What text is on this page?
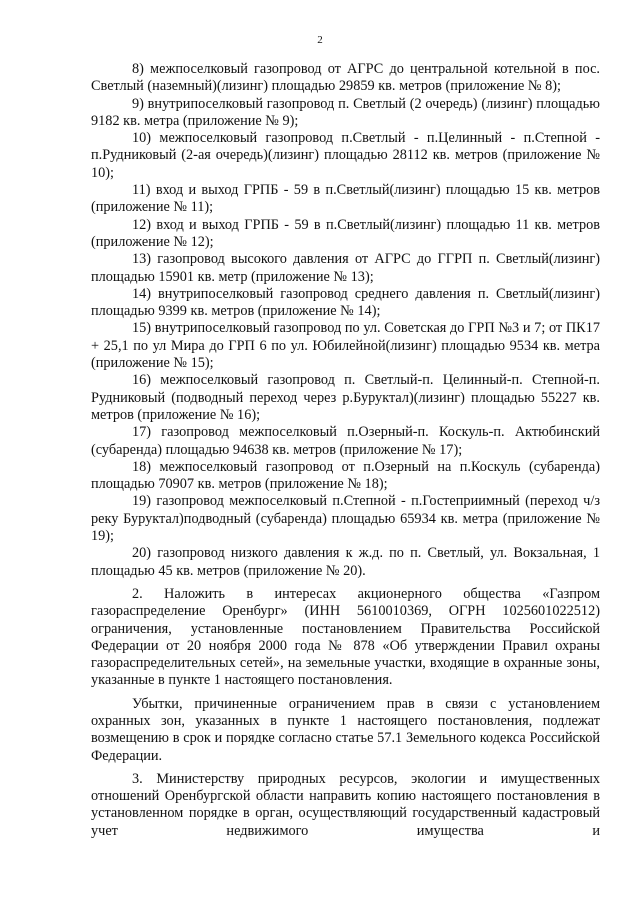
2

8) межпоселковый газопровод от АГРС до центральной котельной в пос. Светлый (наземный)(лизинг) площадью 29859 кв. метров (приложение № 8);

9) внутрипоселковый газопровод п. Светлый (2 очередь) (лизинг) площадью 9182 кв. метра (приложение № 9);

10) межпоселковый газопровод п.Светлый - п.Целинный - п.Степной - п.Рудниковый (2-ая очередь)(лизинг) площадью 28112 кв. метров (приложение № 10);

11) вход и выход ГРПБ - 59 в п.Светлый(лизинг) площадью 15 кв. метров (приложение № 11);

12) вход и выход ГРПБ - 59 в п.Светлый(лизинг) площадью 11 кв. метров (приложение № 12);

13) газопровод высокого давления от АГРС до ГГРП п. Светлый(лизинг) площадью 15901 кв. метр (приложение № 13);

14) внутрипоселковый газопровод среднего давления п. Светлый(лизинг) площадью 9399 кв. метров (приложение № 14);

15) внутрипоселковый газопровод по ул. Советская до ГРП №3 и 7; от ПК17 + 25,1 по ул Мира до ГРП 6 по ул. Юбилейной(лизинг) площадью 9534 кв. метра (приложение № 15);

16) межпоселковый газопровод п. Светлый-п. Целинный-п. Степной-п. Рудниковый (подводный переход через р.Буруктал)(лизинг) площадью 55227 кв. метров (приложение № 16);

17) газопровод межпоселковый п.Озерный-п. Коскуль-п. Актюбинский (субаренда) площадью 94638 кв. метров (приложение № 17);

18) межпоселковый газопровод от п.Озерный на п.Коскуль (субаренда) площадью 70907 кв. метров (приложение № 18);

19) газопровод межпоселковый п.Степной - п.Гостеприимный (переход ч/з реку Буруктал)подводный (субаренда) площадью 65934 кв. метра (приложение № 19);

20) газопровод низкого давления к ж.д. по п. Светлый, ул. Вокзальная, 1 площадью 45 кв. метров (приложение № 20).

2. Наложить в интересах акционерного общества «Газпром газораспределение Оренбург» (ИНН 5610010369, ОГРН 1025601022512) ограничения, установленные постановлением Правительства Российской Федерации от 20 ноября 2000 года № 878 «Об утверждении Правил охраны газораспределительных сетей», на земельные участки, входящие в охранные зоны, указанные в пункте 1 настоящего постановления.

Убытки, причиненные ограничением прав в связи с установлением охранных зон, указанных в пункте 1 настоящего постановления, подлежат возмещению в срок и порядке согласно статье 57.1 Земельного кодекса Российской Федерации.

3. Министерству природных ресурсов, экологии и имущественных отношений Оренбургской области направить копию настоящего постановления в установленном порядке в орган, осуществляющий государственный кадастровый учет недвижимого имущества и
